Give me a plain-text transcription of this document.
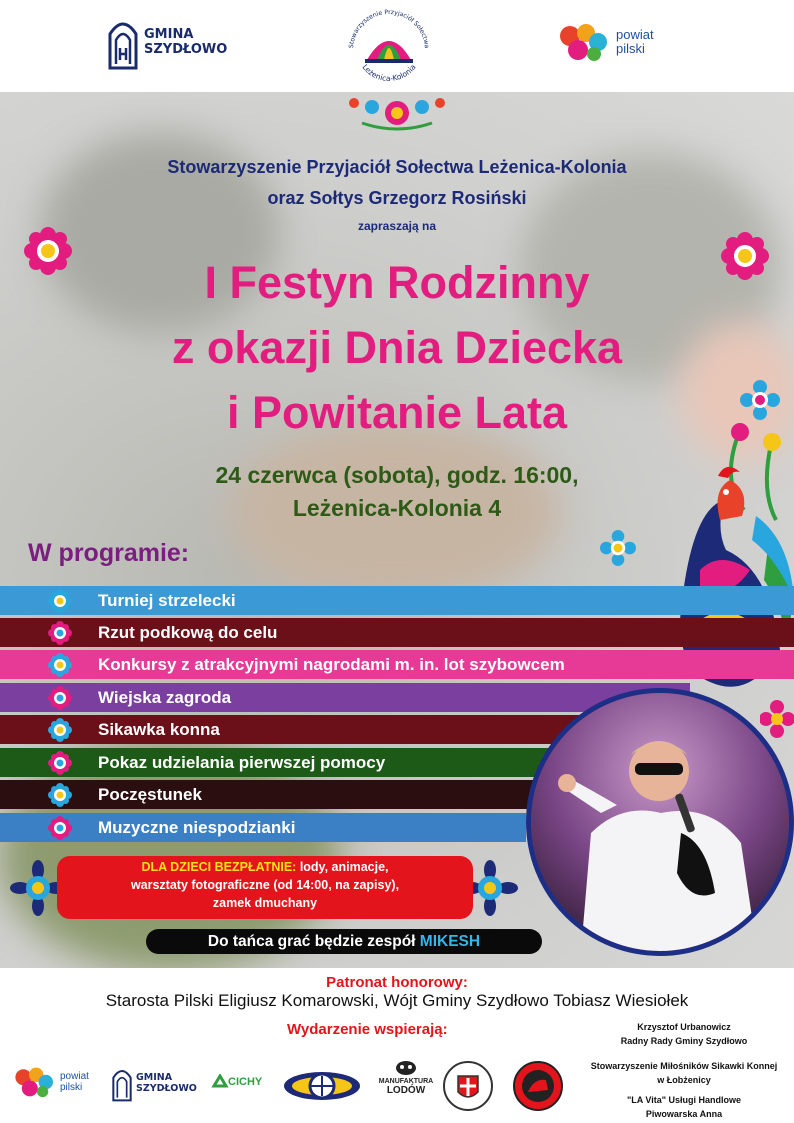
GMINA
SZYDŁOWO	Stowarzyszenie Przyjaciół Sołectwa
Leżenica-Kolonia
powiat
pilski
Stowarzyszenie Przyjaciół Sołectwa Leżenica-Kolonia
oraz Sołtys Grzegorz Rosiński
zapraszają na
I Festyn Rodzinny
z okazji Dnia Dziecka
i Powitanie Lata
24 czerwca (sobota), godz. 16:00,
Leżenica-Kolonia 4
W programie:
Turniej strzelecki
Rzut podkową do celu
Konkursy z atrakcyjnymi nagrodami m. in. lot szybowcem
Wiejska zagroda
Sikawka konna
Pokaz udzielania pierwszej pomocy
Poczęstunek
Muzyczne niespodzianki
DLA DZIECI BEZPŁATNIE: lody, animacje,
warsztaty fotograficzne (od 14:00, na zapisy),
zamek dmuchany
Do tańca grać będzie zespół MIKESH
Patronat honorowy:
Starosta Pilski Eligiusz Komarowski, Wójt Gminy Szydłowo Tobiasz Wiesiołek
Wydarzenie wspierają:	Krzysztof Urbanowicz
Radny Rady Gminy Szydłowo
Stowarzyszenie Miłośników Sikawki Konnej
w Łobżenicy
"LA Vita" Usługi Handlowe
Piwowarska Anna
powiat
pilski
GMINA
SZYDŁOWO
CICHY	MANUFAKTURA
LODÓW
